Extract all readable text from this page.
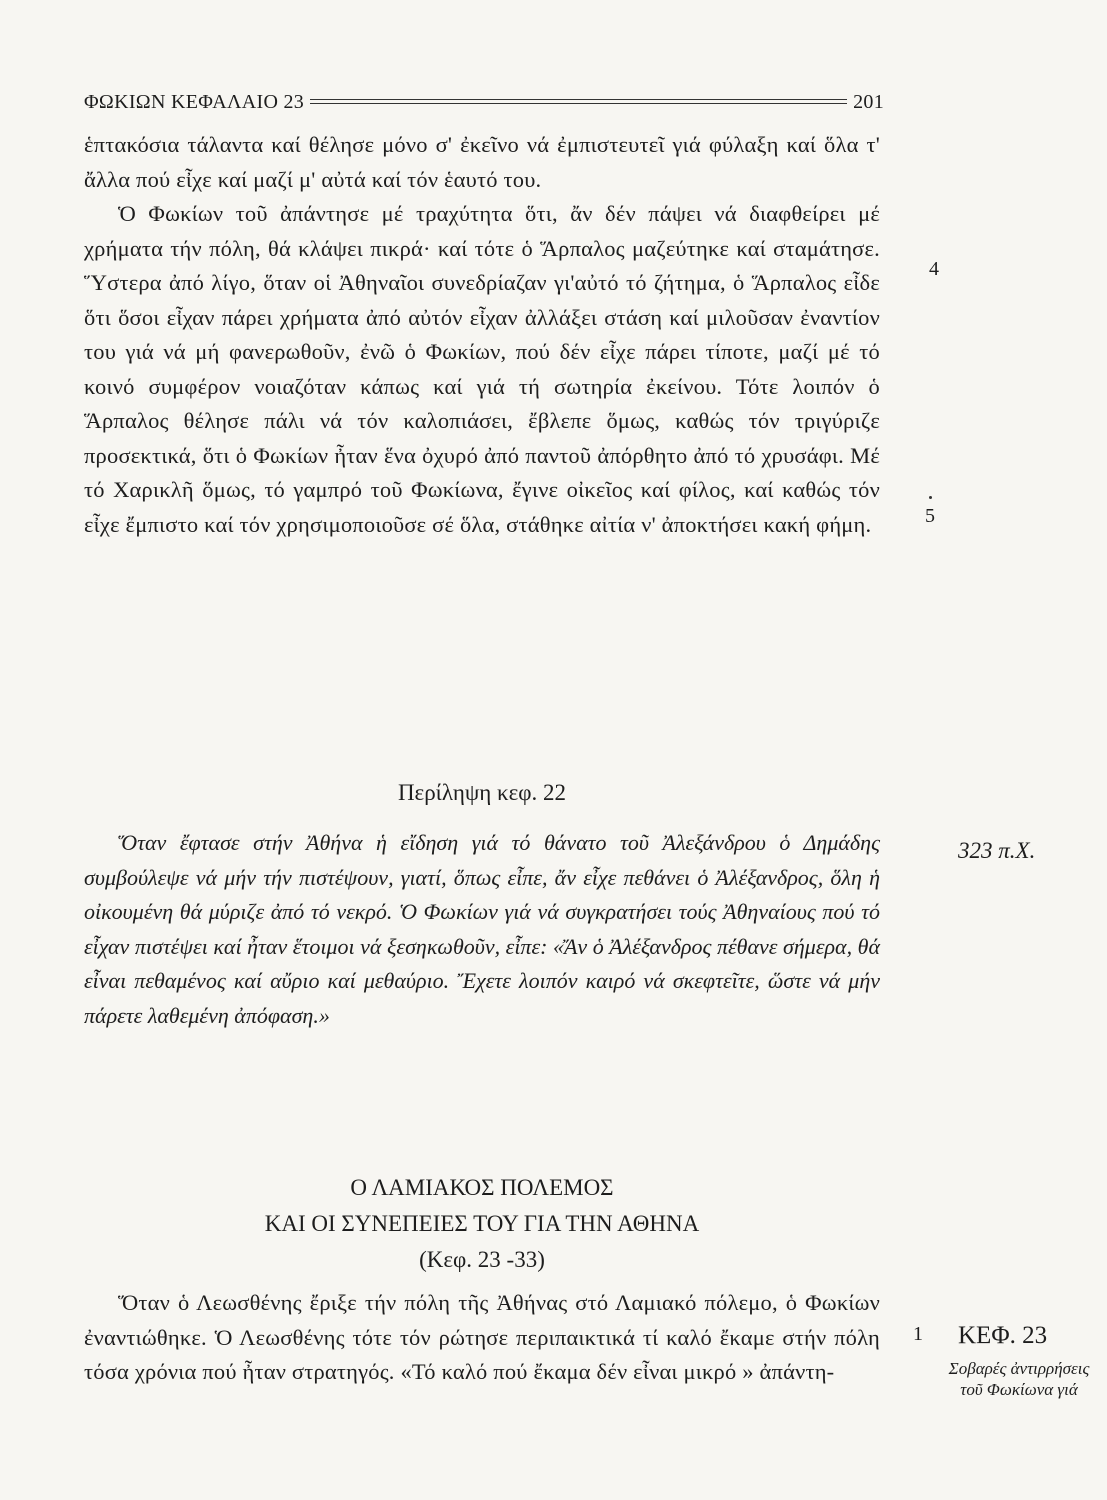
ΦΩΚΙΩΝ ΚΕΦΑΛΑΙΟ 23	201
ἑπτακόσια τάλαντα καί θέλησε μόνο σ' ἐκεῖνο νά ἐμπιστευτεῖ γιά φύλαξη καί ὅλα τ' ἄλλα πού εἶχε καί μαζί μ' αὐτά καί τόν ἑαυτό του.
Ὁ Φωκίων τοῦ ἀπάντησε μέ τραχύτητα ὅτι, ἄν δέν πάψει νά διαφθείρει μέ χρήματα τήν πόλη, θά κλάψει πικρά· καί τότε ὁ Ἅρπαλος μαζεύτηκε καί σταμάτησε. Ὕστερα ἀπό λίγο, ὅταν οἱ Ἀθηναῖοι συνεδρίαζαν γι'αὐτό τό ζήτημα, ὁ Ἅρπαλος εἶδε ὅτι ὅσοι εἶχαν πάρει χρήματα ἀπό αὐτόν εἶχαν ἀλλάξει στάση καί μιλοῦσαν ἐναντίον του γιά νά μή φανερωθοῦν, ἐνῶ ὁ Φωκίων, πού δέν εἶχε πάρει τίποτε, μαζί μέ τό κοινό συμφέρον νοιαζόταν κάπως καί γιά τή σωτηρία ἐκείνου. Τότε λοιπόν ὁ Ἅρπαλος θέλησε πάλι νά τόν καλοπιάσει, ἔβλεπε ὅμως, καθώς τόν τριγύριζε προσεκτικά, ὅτι ὁ Φωκίων ἦταν ἕνα ὀχυρό ἀπό παντοῦ ἀπόρθητο ἀπό τό χρυσάφι. Μέ τό Χαρικλῆ ὅμως, τό γαμπρό τοῦ Φωκίωνα, ἔγινε οἰκεῖος καί φίλος, καί καθώς τόν εἶχε ἔμπιστο καί τόν χρησιμοποιοῦσε σέ ὅλα, στάθηκε αἰτία ν' ἀποκτήσει κακή φήμη.
4
5
Περίληψη κεφ. 22
Ὅταν ἔφτασε στήν Ἀθήνα ἡ εἴδηση γιά τό θάνατο τοῦ Ἀλεξάνδρου ὁ Δημάδης συμβούλεψε νά μήν τήν πιστέψουν, γιατί, ὅπως εἶπε, ἄν εἶχε πεθάνει ὁ Ἀλέξανδρος, ὅλη ἡ οἰκουμένη θά μύριζε ἀπό τό νεκρό. Ὁ Φωκίων γιά νά συγκρατήσει τούς Ἀθηναίους πού τό εἶχαν πιστέψει καί ἦταν ἕτοιμοι νά ξεσηκωθοῦν, εἶπε: «Ἄν ὁ Ἀλέξανδρος πέθανε σήμερα, θά εἶναι πεθαμένος καί αὔριο καί μεθαύριο. Ἔχετε λοιπόν καιρό νά σκεφτεῖτε, ὥστε νά μήν πάρετε λαθεμένη ἀπόφαση.»
323 π.Χ.
Ο ΛΑΜΙΑΚΟΣ ΠΟΛΕΜΟΣ
ΚΑΙ ΟΙ ΣΥΝΕΠΕΙΕΣ ΤΟΥ ΓΙΑ ΤΗΝ ΑΘΗΝΑ
(Κεφ. 23 -33)
Ὅταν ὁ Λεωσθένης ἔριξε τήν πόλη τῆς Ἀθήνας στό Λαμιακό πόλεμο, ὁ Φωκίων ἐναντιώθηκε. Ὁ Λεωσθένης τότε τόν ρώτησε περιπαικτικά τί καλό ἔκαμε στήν πόλη τόσα χρόνια πού ἦταν στρατηγός. «Τό καλό πού ἔκαμα δέν εἶναι μικρό » ἀπάντη-
1 ΚΕΦ. 23
Σοβαρές ἀντιρρήσεις τοῦ Φωκίωνα γιά
